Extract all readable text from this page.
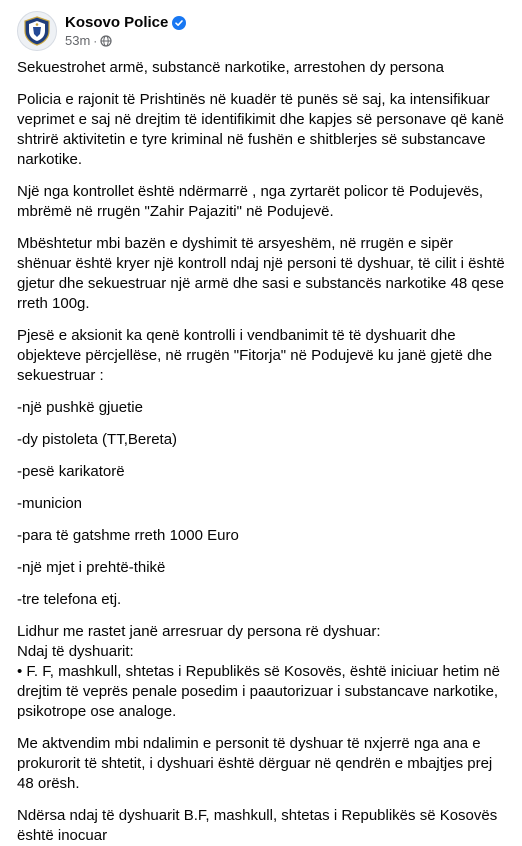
Kosovo Police
53m ·

Sekuestrohet armë, substancë narkotike, arrestohen dy persona

Policia e rajonit të Prishtinës në kuadër të punës së saj, ka intensifikuar veprimet e saj në drejtim të identifikimit dhe kapjes së personave që kanë shtrirë aktivitetin e tyre kriminal në fushën e shitblerjes së substancave narkotike.

Një nga kontrollet është ndërmarrë , nga zyrtarët policor të Podujevës, mbrëmë në rrugën "Zahir Pajaziti" në Podujevë.

Mbështetur mbi bazën e dyshimit të arsyeshëm, në rrugën e sipër shënuar është kryer një kontroll ndaj një personi të dyshuar, të cilit i është gjetur dhe sekuestruar një armë dhe sasi e substancës narkotike 48 qese rreth 100g.

Pjesë e aksionit ka qenë kontrolli i vendbanimit të të dyshuarit dhe objekteve përcjellëse, në rrugën "Fitorja" në Podujevë ku janë gjetë dhe sekuestruar :

-një pushkë gjuetie

-dy pistoleta (TT,Bereta)

-pesë karikatorë

-municion

-para të gatshme rreth 1000 Euro

-një mjet i prehtë-thikë

-tre telefona etj.

Lidhur me rastet janë arresruar dy persona rë dyshuar:

Ndaj të dyshuarit:

• F. F, mashkull, shtetas i Republikës së Kosovës, është iniciuar hetim në drejtim të veprës penale posedim i paautorizuar i substancave narkotike, psikotrope ose analoge.

Me aktvendim mbi ndalimin e personit të dyshuar të nxjerrë nga ana e prokurorit të shtetit, i dyshuari është dërguar në qendrën e mbajtjes prej 48 orësh.

Ndërsa ndaj të dyshuarit B.F, mashkull, shtetas i Republikës së Kosovës është inocuar
